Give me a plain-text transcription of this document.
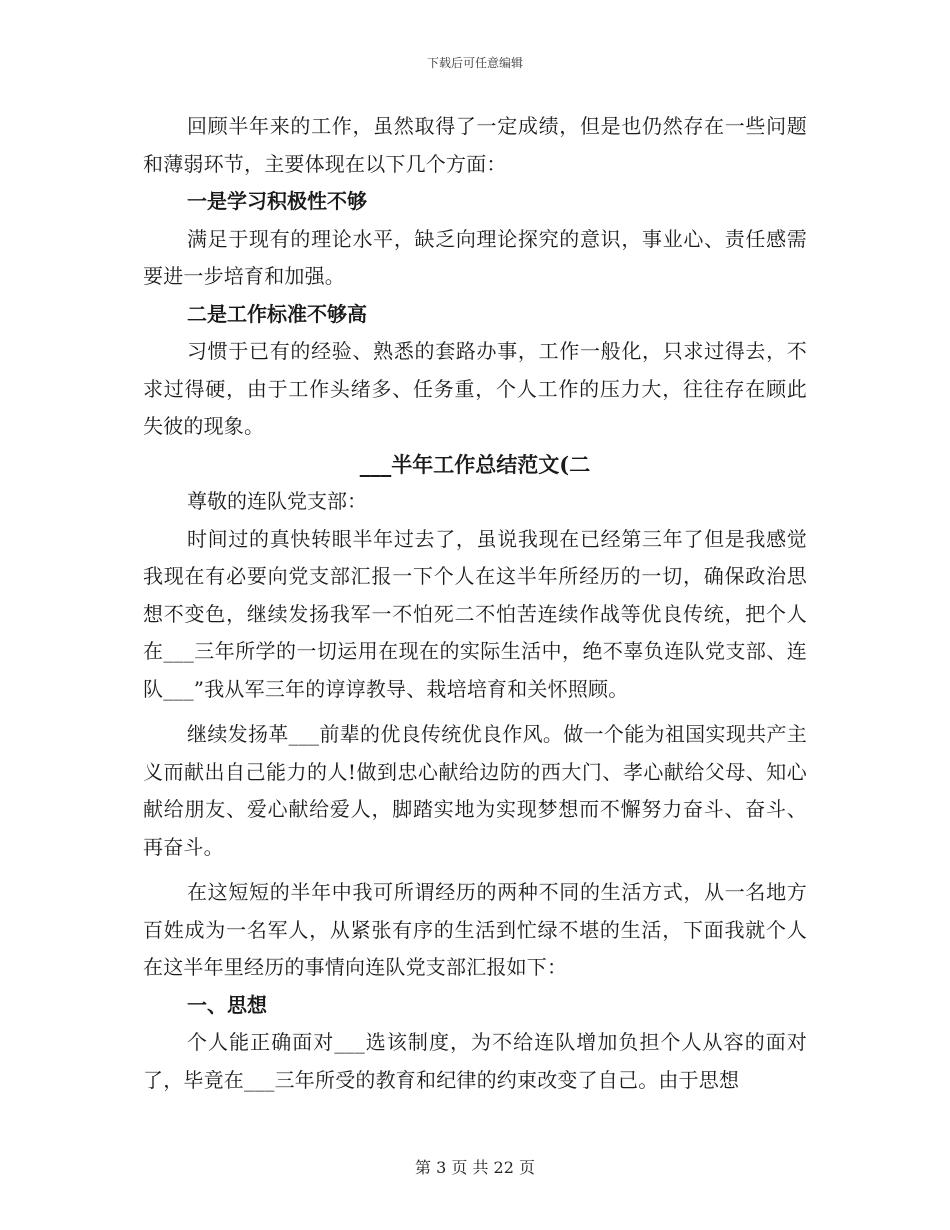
下载后可任意编辑

回顾半年来的工作，虽然取得了一定成绩，但是也仍然存在一些问题和薄弱环节，主要体现在以下几个方面：

一是学习积极性不够

满足于现有的理论水平，缺乏向理论探究的意识，事业心、责任感需要进一步培育和加强。

二是工作标准不够高

习惯于已有的经验、熟悉的套路办事，工作一般化，只求过得去，不求过得硬，由于工作头绪多、任务重，个人工作的压力大，往往存在顾此失彼的现象。

___半年工作总结范文(二

尊敬的连队党支部：

时间过的真快转眼半年过去了，虽说我现在已经第三年了但是我感觉我现在有必要向党支部汇报一下个人在这半年所经历的一切，确保政治思想不变色，继续发扬我军一不怕死二不怕苦连续作战等优良传统，把个人在___三年所学的一切运用在现在的实际生活中，绝不辜负连队党支部、连队___”我从军三年的谆谆教导、栽培培育和关怀照顾。

继续发扬革___前辈的优良传统优良作风。做一个能为祖国实现共产主义而献出自己能力的人!做到忠心献给边防的西大门、孝心献给父母、知心献给朋友、爱心献给爱人，脚踏实地为实现梦想而不懈努力奋斗、奋斗、再奋斗。

在这短短的半年中我可所谓经历的两种不同的生活方式，从一名地方百姓成为一名军人，从紧张有序的生活到忙绿不堪的生活，下面我就个人在这半年里经历的事情向连队党支部汇报如下：

一、思想

个人能正确面对___选该制度，为不给连队增加负担个人从容的面对了，毕竟在___三年所受的教育和纪律的约束改变了自己。由于思想

第 3 页 共 22 页
